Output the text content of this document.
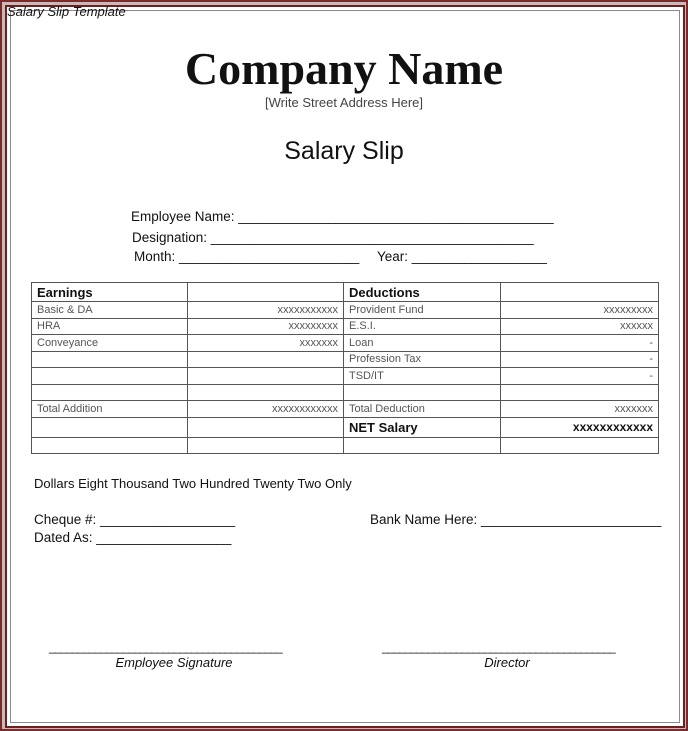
Salary Slip Template
Company Name
[Write Street Address Here]
Salary Slip
Employee Name: __________________________________________
Designation: ___________________________________________
Month: ________________________ Year: __________________
Earnings		Deductions	
Basic & DA	xxxxxxxxxxx	Provident Fund	xxxxxxxxx
HRA	xxxxxxxxx	E.S.I.	xxxxxx
Conveyance	xxxxxxx	Loan	-
		Profession Tax	-
		TSD/IT	-

Total Addition	xxxxxxxxxxxx	Total Deduction	xxxxxxx
		NET Salary	xxxxxxxxxxxx

Dollars Eight Thousand Two Hundred Twenty Two Only
Cheque #: __________________
Dated As: __________________
Bank Name Here: ________________________
_________________________________________	_________________________________________
Employee Signature	Director
